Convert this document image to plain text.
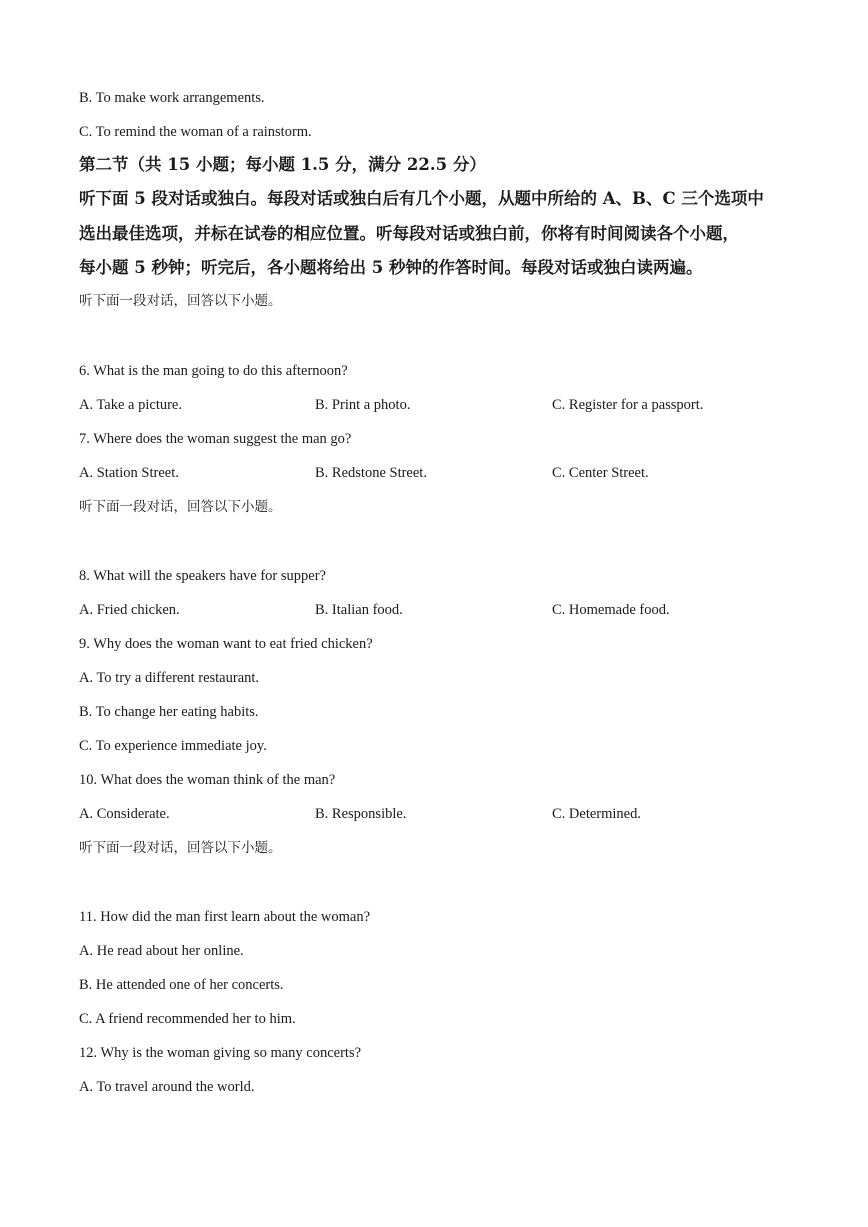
B. To make work arrangements.
C. To remind the woman of a rainstorm.
第二节（共 15 小题；每小题 1.5 分，满分 22.5 分）
听下面 5 段对话或独白。每段对话或独白后有几个小题，从题中所给的 A、B、C 三个选项中
选出最佳选项，并标在试卷的相应位置。听每段对话或独白前，你将有时间阅读各个小题，
每小题 5 秒钟；听完后，各小题将给出 5 秒钟的作答时间。每段对话或独白读两遍。
听下面一段对话，回答以下小题。
6. What is the man going to do this afternoon?
A. Take a picture.	B. Print a photo.	C. Register for a passport.
7. Where does the woman suggest the man go?
A. Station Street.	B. Redstone Street.	C. Center Street.
听下面一段对话，回答以下小题。
8. What will the speakers have for supper?
A. Fried chicken.	B. Italian food.	C. Homemade food.
9. Why does the woman want to eat fried chicken?
A. To try a different restaurant.
B. To change her eating habits.
C. To experience immediate joy.
10. What does the woman think of the man?
A. Considerate.	B. Responsible.	C. Determined.
听下面一段对话，回答以下小题。
11. How did the man first learn about the woman?
A. He read about her online.
B. He attended one of her concerts.
C. A friend recommended her to him.
12. Why is the woman giving so many concerts?
A. To travel around the world.
